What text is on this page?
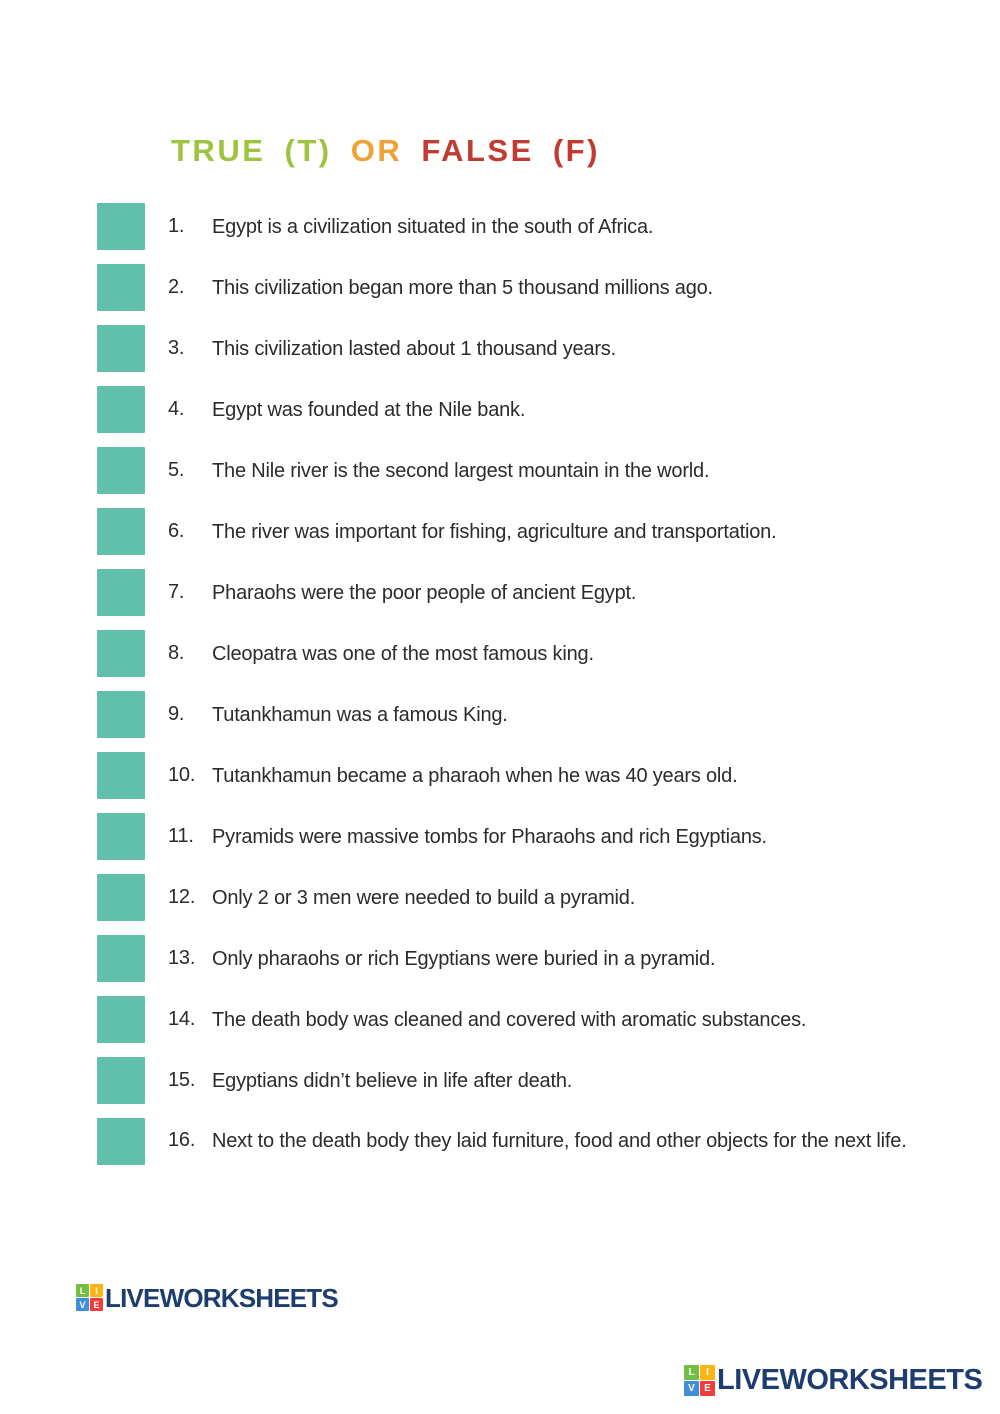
TRUE (T) OR FALSE (F)
1.	Egypt is a civilization situated in the south of Africa.
2.	This civilization began more than 5 thousand millions ago.
3.	This civilization lasted about 1 thousand years.
4.	Egypt was founded at the Nile bank.
5.	The Nile river is the second largest mountain in the world.
6.	The river was important for fishing, agriculture and transportation.
7.	Pharaohs were the poor people of ancient Egypt.
8.	Cleopatra was one of the most famous king.
9.	Tutankhamun was a famous King.
10. Tutankhamun became a pharaoh when he was 40 years old.
11. Pyramids were massive tombs for Pharaohs and rich Egyptians.
12. Only 2 or 3 men were needed to build a pyramid.
13. Only pharaohs or rich Egyptians were buried in a pyramid.
14. The death body was cleaned and covered with aromatic substances.
15. Egyptians didn’t believe in life after death.
16. Next to the death body they laid furniture, food and other objects for the next life.
L	I
V E LIVEWORKSHEETS
L	I
V E LIVEWORKSHEETS
